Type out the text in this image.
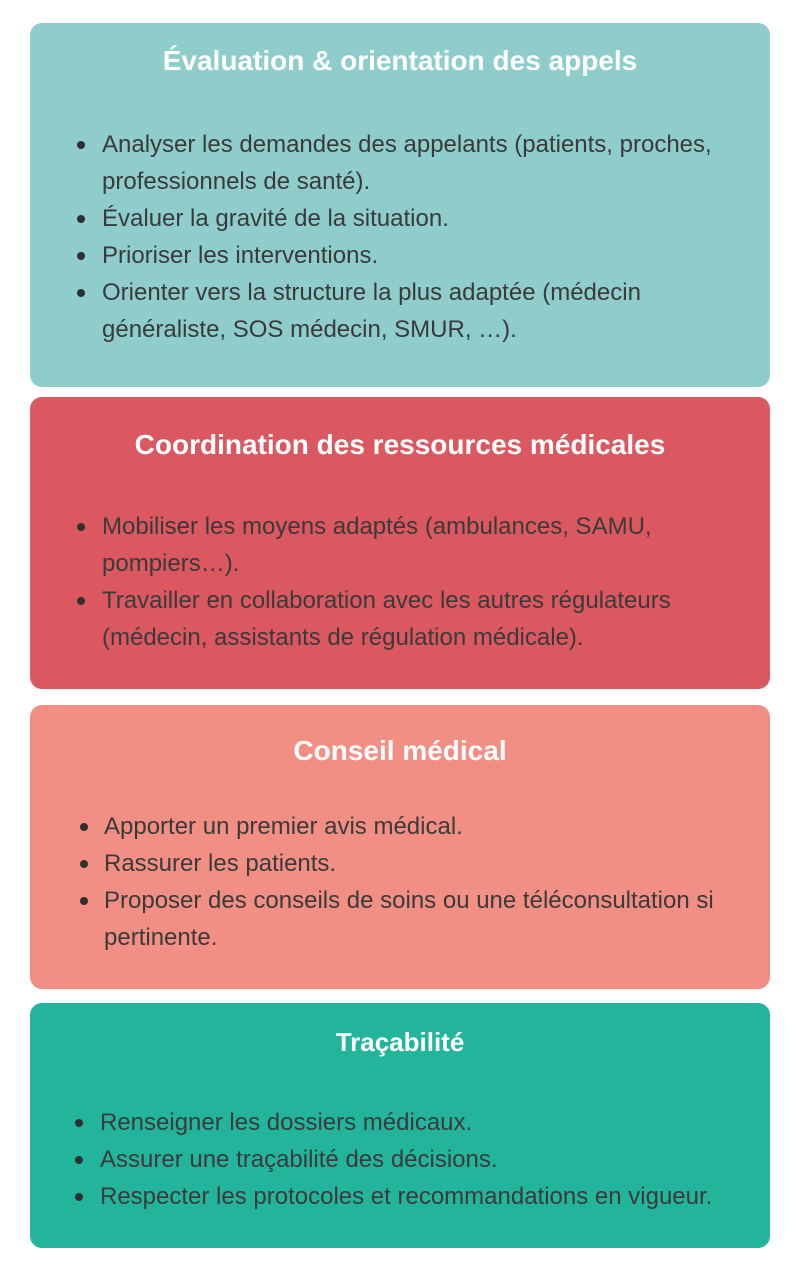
Évaluation & orientation des appels
Analyser les demandes des appelants (patients, proches, professionnels de santé).
Évaluer la gravité de la situation.
Prioriser les interventions.
Orienter vers la structure la plus adaptée (médecin généraliste, SOS médecin, SMUR, …).
Coordination des ressources médicales
Mobiliser les moyens adaptés (ambulances, SAMU, pompiers…).
Travailler en collaboration avec les autres régulateurs (médecin, assistants de régulation médicale).
Conseil médical
Apporter un premier avis médical.
Rassurer les patients.
Proposer des conseils de soins ou une téléconsultation si pertinente.
Traçabilité
Renseigner les dossiers médicaux.
Assurer une traçabilité des décisions.
Respecter les protocoles et recommandations en vigueur.
